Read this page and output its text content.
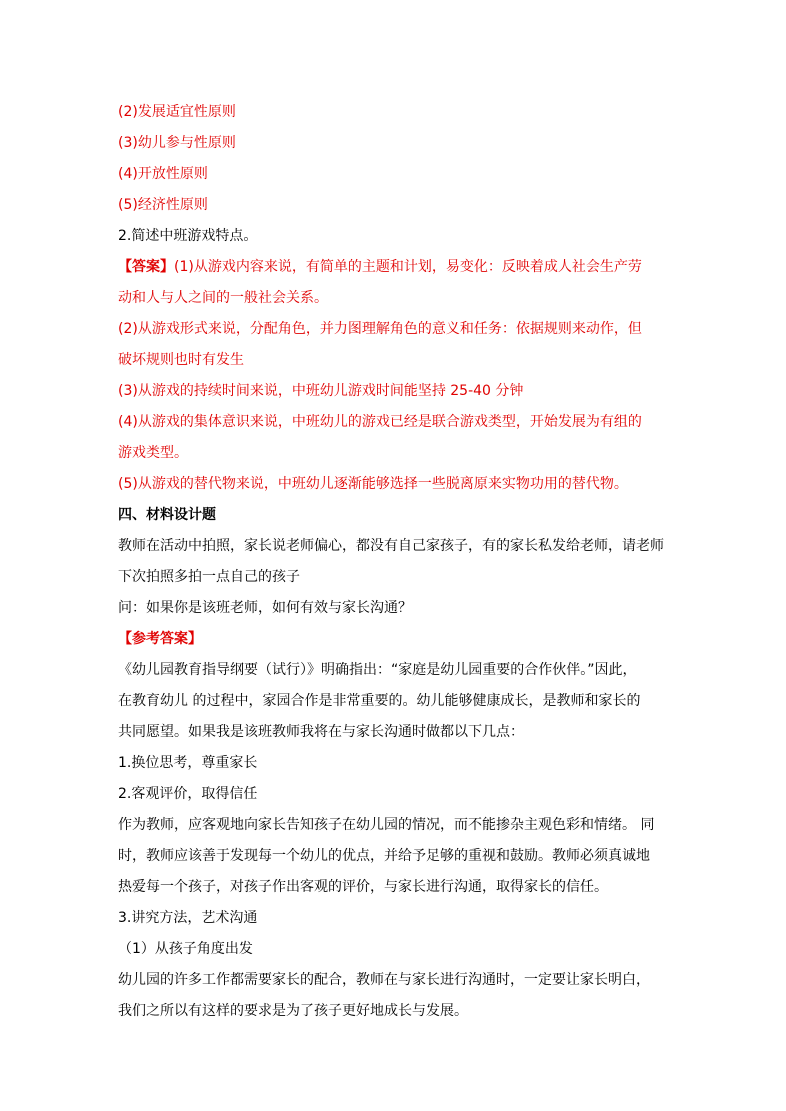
(2)发展适宜性原则
(3)幼儿参与性原则
(4)开放性原则
(5)经济性原则
2.简述中班游戏特点。
【答案】(1)从游戏内容来说，有简单的主题和计划，易变化：反映着成人社会生产劳
动和人与人之间的一般社会关系。
(2)从游戏形式来说，分配角色，并力图理解角色的意义和任务：依据规则来动作，但
破坏规则也时有发生
(3)从游戏的持续时间来说，中班幼儿游戏时间能坚持 25-40 分钟
(4)从游戏的集体意识来说，中班幼儿的游戏已经是联合游戏类型，开始发展为有组的
游戏类型。
(5)从游戏的替代物来说，中班幼儿逐渐能够选择一些脱离原来实物功用的替代物。
四、材料设计题
教师在活动中拍照，家长说老师偏心，都没有自己家孩子，有的家长私发给老师，请老师
下次拍照多拍一点自己的孩子
问：如果你是该班老师，如何有效与家长沟通？
【参考答案】
《幼儿园教育指导纲要（试行）》明确指出：“家庭是幼儿园重要的合作伙伴。”因此，
在教育幼儿 的过程中，家园合作是非常重要的。幼儿能够健康成长，是教师和家长的
共同愿望。如果我是该班教师我将在与家长沟通时做都以下几点：
1.换位思考，尊重家长
2.客观评价，取得信任
作为教师，应客观地向家长告知孩子在幼儿园的情况，而不能掺杂主观色彩和情绪。 同
时，教师应该善于发现每一个幼儿的优点，并给予足够的重视和鼓励。教师必须真诚地
热爱每一个孩子，对孩子作出客观的评价，与家长进行沟通，取得家长的信任。
3.讲究方法，艺术沟通
（1）从孩子角度出发
幼儿园的许多工作都需要家长的配合，教师在与家长进行沟通时，一定要让家长明白，
我们之所以有这样的要求是为了孩子更好地成长与发展。
